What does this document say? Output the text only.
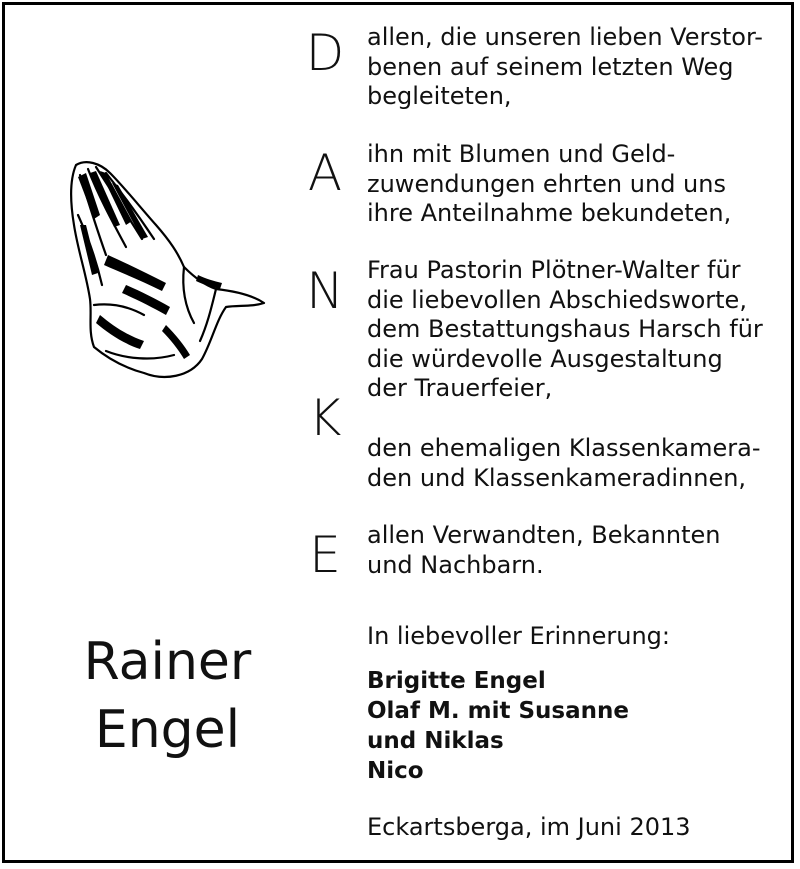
D
A
N
K
E
allen, die unseren lieben Verstor-
benen auf seinem letzten Weg
begleiteten,
ihn mit Blumen und Geld-
zuwendungen ehrten und uns
ihre Anteilnahme bekundeten,
Frau Pastorin Plötner-Walter für
die liebevollen Abschiedsworte,
dem Bestattungshaus Harsch für
die würdevolle Ausgestaltung
der Trauerfeier,
den ehemaligen Klassenkamera-
den und Klassenkameradinnen,
allen Verwandten, Bekannten
und Nachbarn.
Rainer
Engel
In liebevoller Erinnerung:
Brigitte Engel
Olaf M. mit Susanne
und Niklas
Nico
Eckartsberga, im Juni 2013
